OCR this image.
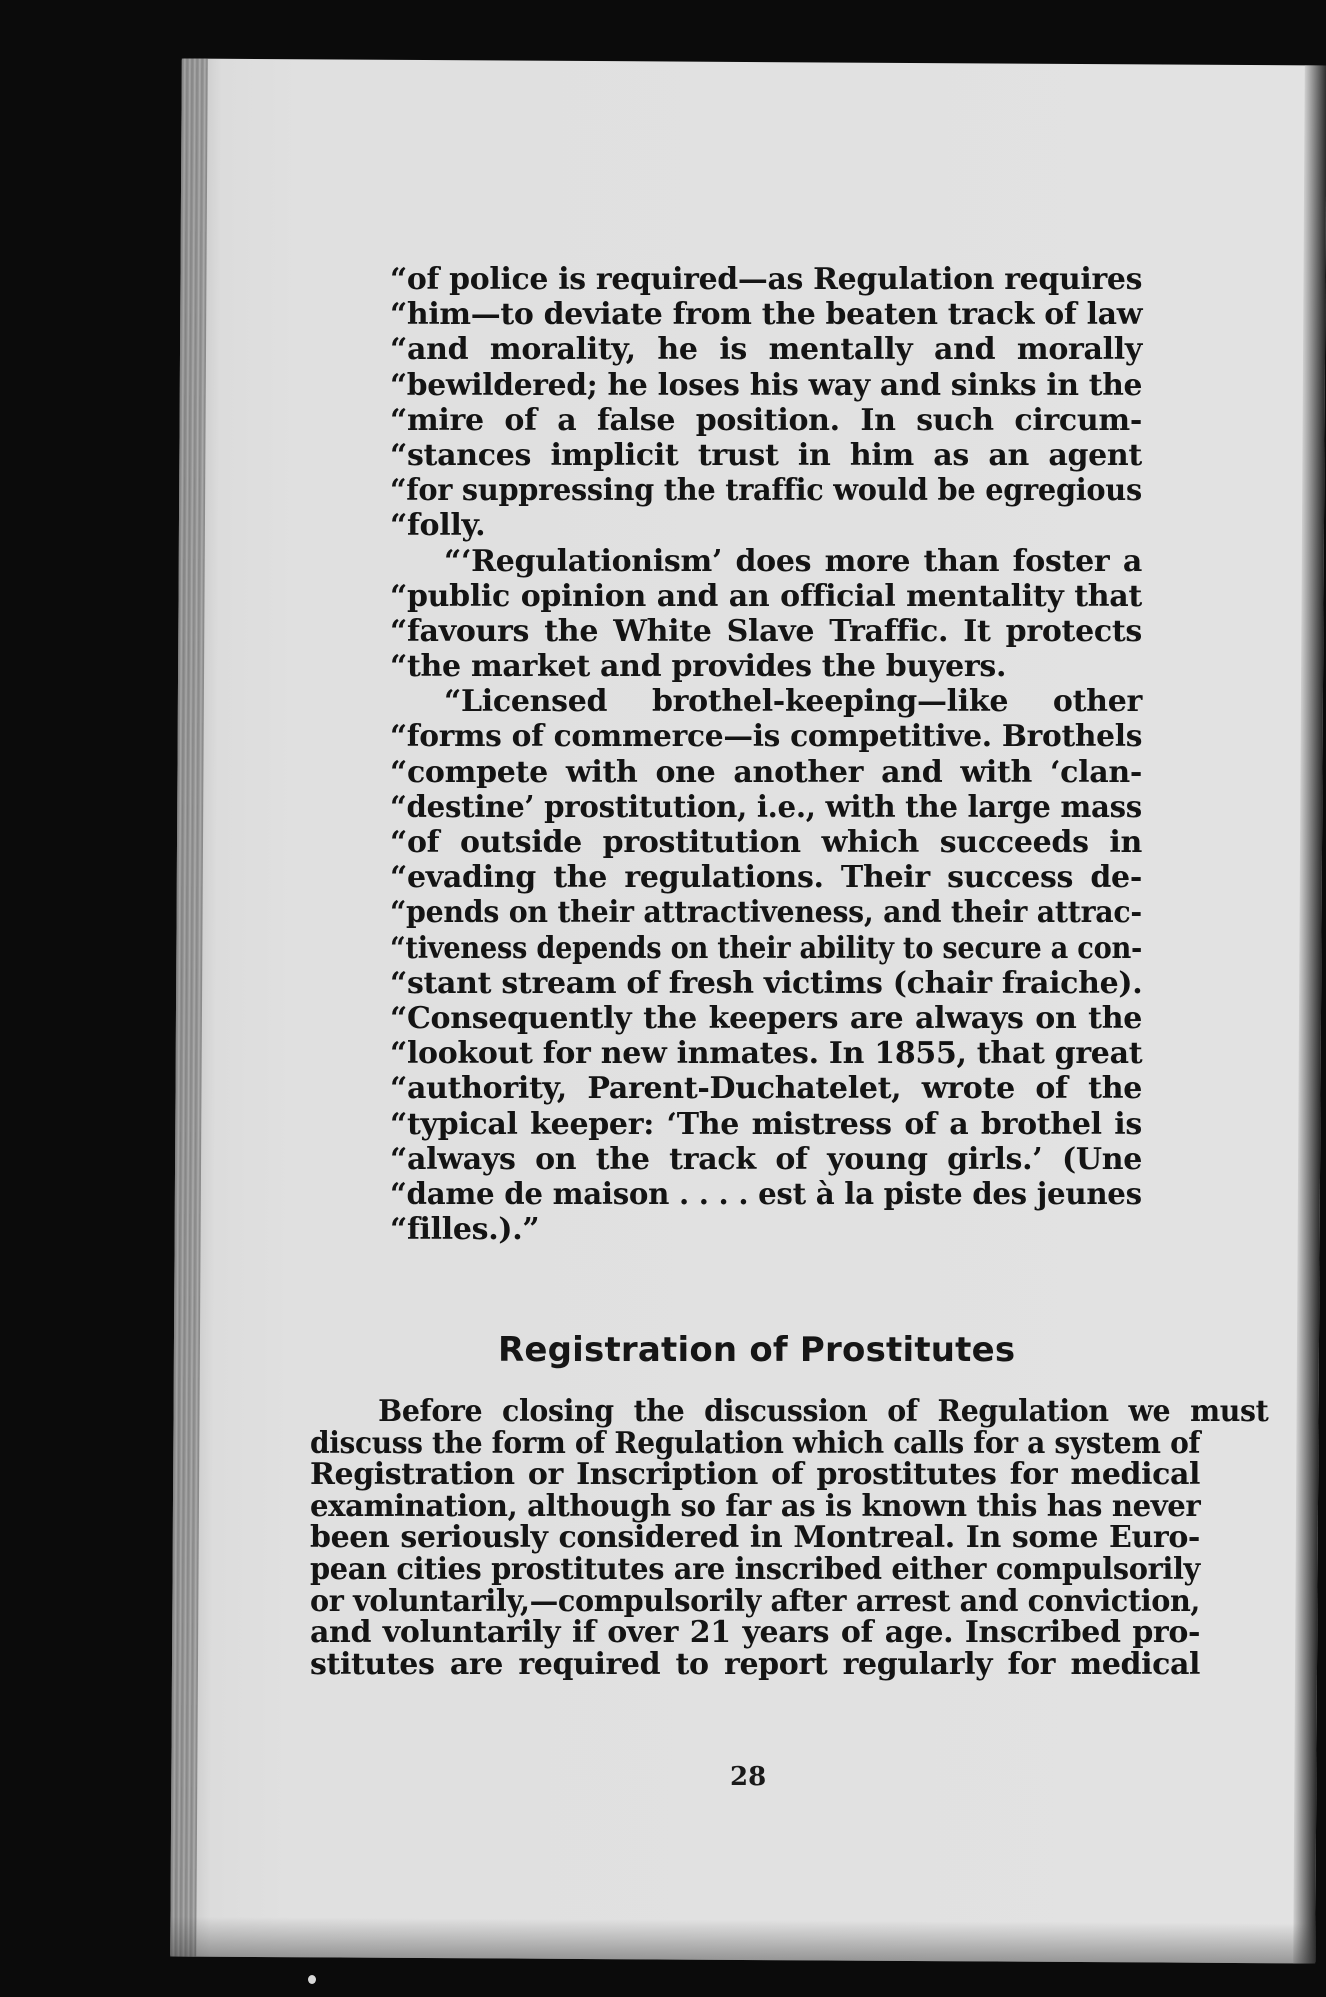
“of police is required—as Regulation requires
“him—to deviate from the beaten track of law
“and morality, he is mentally and morally
“bewildered; he loses his way and sinks in the
“mire of a false position. In such circum-
“stances implicit trust in him as an agent
“for suppressing the traffic would be egregious
“folly.
“‘Regulationism’ does more than foster a
“public opinion and an official mentality that
“favours the White Slave Traffic. It protects
“the market and provides the buyers.
“Licensed brothel-keeping—like other
“forms of commerce—is competitive. Brothels
“compete with one another and with ‘clan-
“destine’ prostitution, i.e., with the large mass
“of outside prostitution which succeeds in
“evading the regulations. Their success de-
“pends on their attractiveness, and their attrac-
“tiveness depends on their ability to secure a con-
“stant stream of fresh victims (chair fraiche).
“Consequently the keepers are always on the
“lookout for new inmates. In 1855, that great
“authority, Parent-Duchatelet, wrote of the
“typical keeper: ‘The mistress of a brothel is
“always on the track of young girls.’ (Une
“dame de maison . . . . est à la piste des jeunes
“filles.).”
Registration of Prostitutes
Before closing the discussion of Regulation we must
discuss the form of Regulation which calls for a system of
Registration or Inscription of prostitutes for medical
examination, although so far as is known this has never
been seriously considered in Montreal. In some Euro-
pean cities prostitutes are inscribed either compulsorily
or voluntarily,—compulsorily after arrest and conviction,
and voluntarily if over 21 years of age. Inscribed pro-
stitutes are required to report regularly for medical
28
